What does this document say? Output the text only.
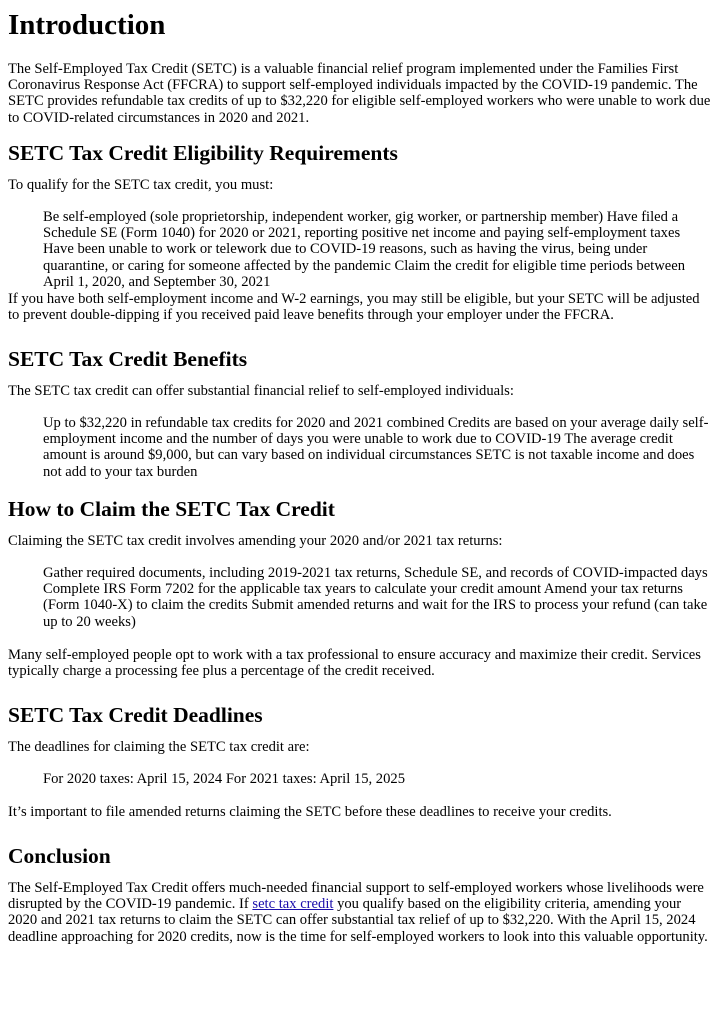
Introduction

The Self-Employed Tax Credit (SETC) is a valuable financial relief program implemented under the Families First Coronavirus Response Act (FFCRA) to support self-employed individuals impacted by the COVID-19 pandemic. The SETC provides refundable tax credits of up to $32,220 for eligible self-employed workers who were unable to work due to COVID-related circumstances in 2020 and 2021.

SETC Tax Credit Eligibility Requirements

To qualify for the SETC tax credit, you must:

Be self-employed (sole proprietorship, independent worker, gig worker, or partnership member) Have filed a Schedule SE (Form 1040) for 2020 or 2021, reporting positive net income and paying self-employment taxes Have been unable to work or telework due to COVID-19 reasons, such as having the virus, being under quarantine, or caring for someone affected by the pandemic Claim the credit for eligible time periods between April 1, 2020, and September 30, 2021

If you have both self-employment income and W-2 earnings, you may still be eligible, but your SETC will be adjusted to prevent double-dipping if you received paid leave benefits through your employer under the FFCRA.

SETC Tax Credit Benefits

The SETC tax credit can offer substantial financial relief to self-employed individuals:

Up to $32,220 in refundable tax credits for 2020 and 2021 combined Credits are based on your average daily self-employment income and the number of days you were unable to work due to COVID-19 The average credit amount is around $9,000, but can vary based on individual circumstances SETC is not taxable income and does not add to your tax burden
How to Claim the SETC Tax Credit

Claiming the SETC tax credit involves amending your 2020 and/or 2021 tax returns:

Gather required documents, including 2019-2021 tax returns, Schedule SE, and records of COVID-impacted days Complete IRS Form 7202 for the applicable tax years to calculate your credit amount Amend your tax returns (Form 1040-X) to claim the credits Submit amended returns and wait for the IRS to process your refund (can take up to 20 weeks)

Many self-employed people opt to work with a tax professional to ensure accuracy and maximize their credit. Services typically charge a processing fee plus a percentage of the credit received.

SETC Tax Credit Deadlines

The deadlines for claiming the SETC tax credit are:

For 2020 taxes: April 15, 2024 For 2021 taxes: April 15, 2025

It’s important to file amended returns claiming the SETC before these deadlines to receive your credits.

Conclusion

The Self-Employed Tax Credit offers much-needed financial support to self-employed workers whose livelihoods were disrupted by the COVID-19 pandemic. If setc tax credit you qualify based on the eligibility criteria, amending your 2020 and 2021 tax returns to claim the SETC can offer substantial tax relief of up to $32,220. With the April 15, 2024 deadline approaching for 2020 credits, now is the time for self-employed workers to look into this valuable opportunity.
